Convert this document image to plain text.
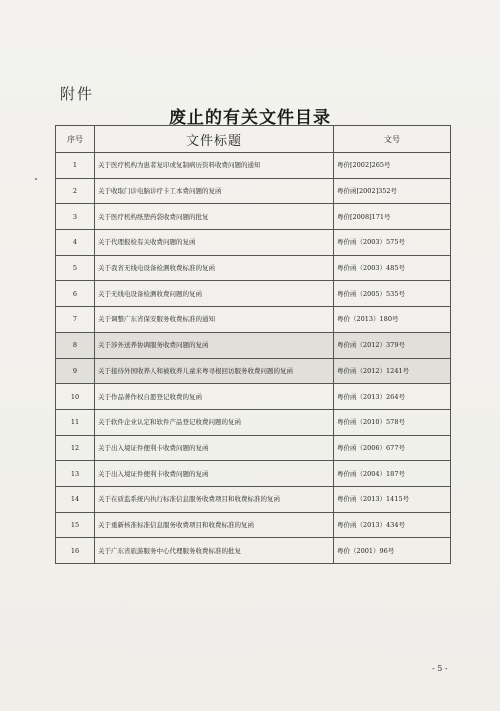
附件
废止的有关文件目录
序号	文件标题	文号
1	关于医疗机构为患者复印或复制病历资料收费问题的通知	粤价[2002]265号
2	关于收取门诊电脑诊疗卡工本费问题的复函	粤价函[2002]352号
3	关于医疗机构纸塑药袋收费问题的批复	粤价[2008]171号
4	关于代理报检有关收费问题的复函	粤价函（2003）575号
5	关于我省无线电设备检测收费标准的复函	粤价函（2003）485号
6	关于无线电设备检测收费问题的复函	粤价函（2005）535号
7	关于调整广东省保安服务收费标准的通知	粤价（2013）180号
8	关于涉外送养协调服务收费问题的复函	粤价函（2012）379号
9	关于接待外国收养人和被收养儿童来粤寻根回访服务收费问题的复函	粤价函（2012）1241号
10	关于作品著作权自愿登记收费的复函	粤价函（2013）264号
11	关于软件企业认定和软件产品登记收费问题的复函	粤价函（2010）578号
12	关于出入境证件便利卡收费问题的复函	粤价函（2006）677号
13	关于出入境证件便利卡收费问题的复函	粤价函（2004）187号
14	关于在质监系统内执行标准信息服务收费项目和收费标准的复函	粤价函（2013）1415号
15	关于重新核准标准信息服务收费项目和收费标准的复函	粤价函（2013）434号
16	关于广东省旅游服务中心代理服务收费标准的批复	粤价（2001）96号
- 5 -
